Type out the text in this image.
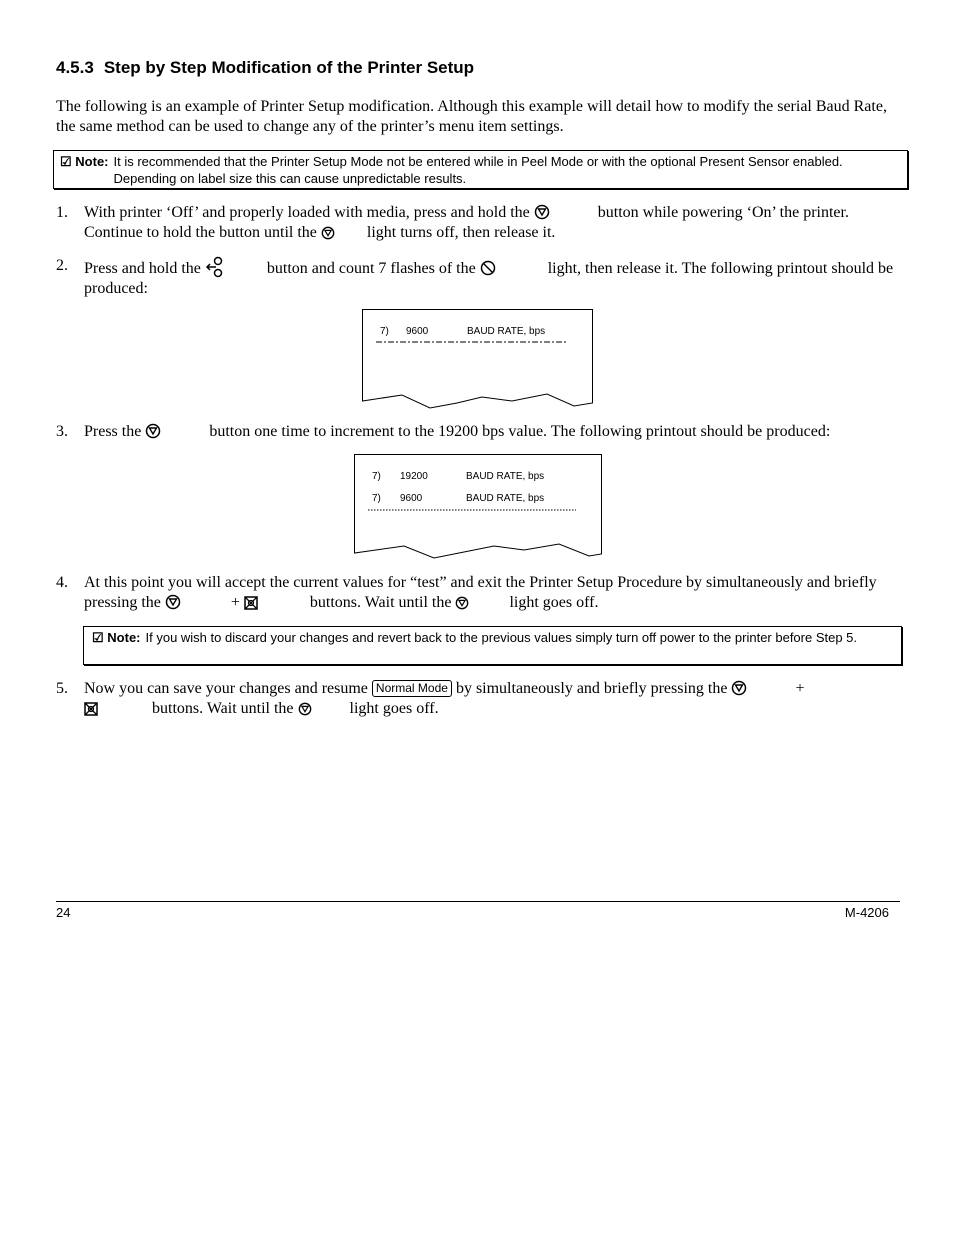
4.5.3 Step by Step Modification of the Printer Setup
The following is an example of Printer Setup modification. Although this example will detail how to modify the serial Baud Rate, the same method can be used to change any of the printer’s menu item settings.
☑ Note: It is recommended that the Printer Setup Mode not be entered while in Peel Mode or with the optional Present Sensor enabled. Depending on label size this can cause unpredictable results.
1.	With printer ‘Off’ and properly loaded with media, press and hold the	button while powering ‘On’ the printer. Continue to hold the button until the	light turns off, then release it.
2.	Press and hold the	button and count 7 flashes of the	light, then release it. The following printout should be produced:
7) 9600	BAUD RATE, bps
3.	Press the	button one time to increment to the 19200 bps value. The following printout should be produced:
7) 19200	BAUD RATE, bps
7) 9600	BAUD RATE, bps
4.	At this point you will accept the current values for “test” and exit the Printer Setup Procedure by simultaneously and briefly pressing the	+	buttons. Wait until the	light goes off.
☑ Note: If you wish to discard your changes and revert back to the previous values simply turn off power to the printer before Step 5.
5.	Now you can save your changes and resume Normal Mode by simultaneously and briefly pressing the	+
buttons. Wait until the	light goes off.
24	M-4206
